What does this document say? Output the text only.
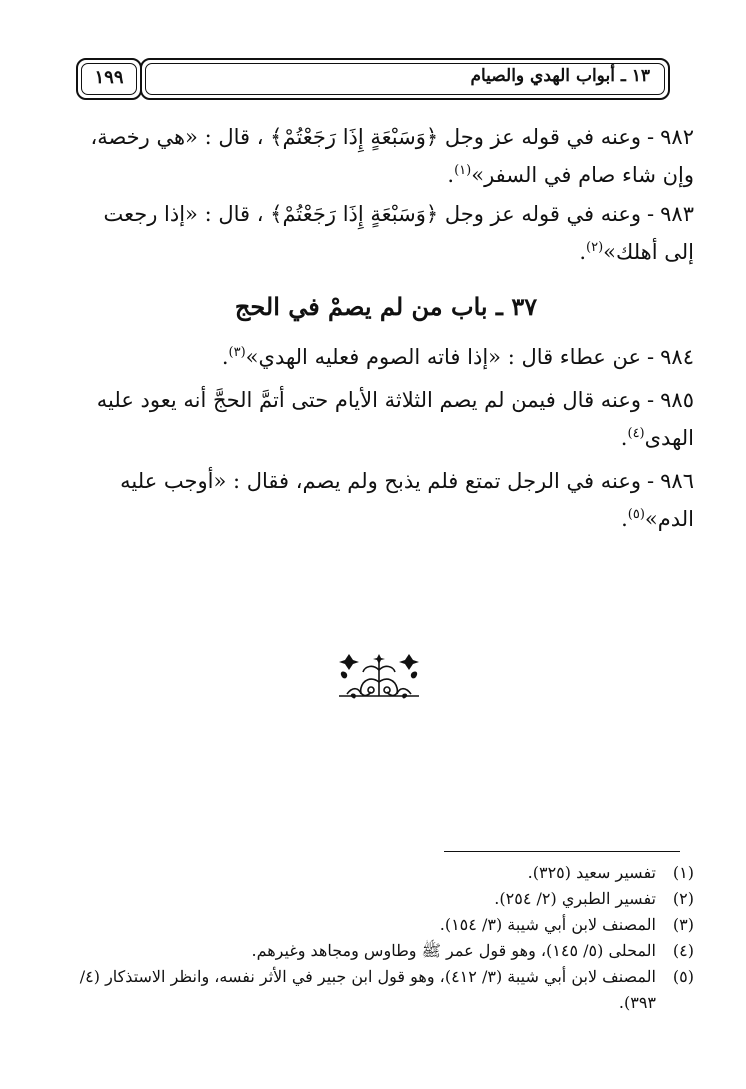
١٣ ـ أبواب الهدي والصيام
١٩٩
٩٨٢-وعنه في قوله عز وجل ﴿وَسَبْعَةٍ إِذَا رَجَعْتُمْ﴾ ، قال : «هي رخصة، وإن شاء صام في السفر»$^{(١)}$.
٩٨٣-وعنه في قوله عز وجل ﴿وَسَبْعَةٍ إِذَا رَجَعْتُمْ﴾ ، قال : «إذا رجعت إلى أهلك»$^{(٢)}$.
٣٧ ـ باب من لم يصمْ في الحج
٩٨٤-عن عطاء قال : «إذا فاته الصوم فعليه الهدي»$^{(٣)}$.
٩٨٥-وعنه قال فيمن لم يصم الثلاثة الأيام حتى أتمَّ الحجَّ أنه يعود عليه الهدى$^{(٤)}$.
٩٨٦-وعنه في الرجل تمتع فلم يذبح ولم يصم، فقال : «أوجب عليه الدم»$^{(٥)}$.
(١)تفسير سعيد (٣٢٥).
(٢)تفسير الطبري (٢/ ٢٥٤).
(٣)المصنف لابن أبي شيبة (٣/ ١٥٤).
(٤)المحلى (٥/ ١٤٥)، وهو قول عمر ﷺ وطاوس ومجاهد وغيرهم.
(٥)
المصنف لابن أبي شيبة (٣/ ٤١٢)، وهو قول ابن جبير في الأثر نفسه، وانظر الاستذكار (٤/ ٣٩٣).
